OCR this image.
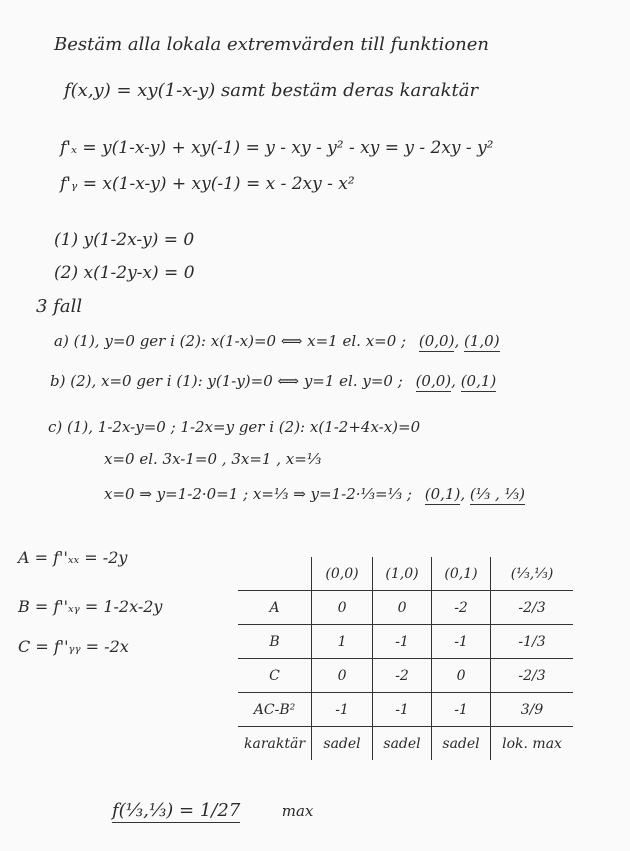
Bestäm alla lokala extremvärden till funktionen
f(x,y) = xy(1-x-y) samt bestäm deras karaktär
f'ₓ = y(1-x-y) + xy(-1) = y - xy - y² - xy = y - 2xy - y²
f'ᵧ = x(1-x-y) + xy(-1) = x - 2xy - x²
(1) y(1-2x-y) = 0
(2) x(1-2y-x) = 0
3 fall
a) (1), y=0 ger i (2): x(1-x)=0 ⟺ x=1 el. x=0 ; (0,0), (1,0)
b) (2), x=0 ger i (1): y(1-y)=0 ⟺ y=1 el. y=0 ; (0,0), (0,1)
c) (1), 1-2x-y=0 ; 1-2x=y ger i (2): x(1-2+4x-x)=0
x=0 el. 3x-1=0 , 3x=1 , x=⅓
x=0 ⇒ y=1-2·0=1 ; x=⅓ ⇒ y=1-2·⅓=⅓ ; (0,1), (⅓ , ⅓)
A = f''ₓₓ = -2y
B = f''ₓᵧ = 1-2x-2y
C = f''ᵧᵧ = -2x
	(0,0)	(1,0)	(0,1)	(⅓,⅓)
A	0	0	-2	-2/3
B	1	-1	-1	-1/3
C	0	-2	0	-2/3
AC-B²	-1	-1	-1	3/9
karaktär	sadel	sadel	sadel	lok. max
f(⅓,⅓) = 1/27	max
